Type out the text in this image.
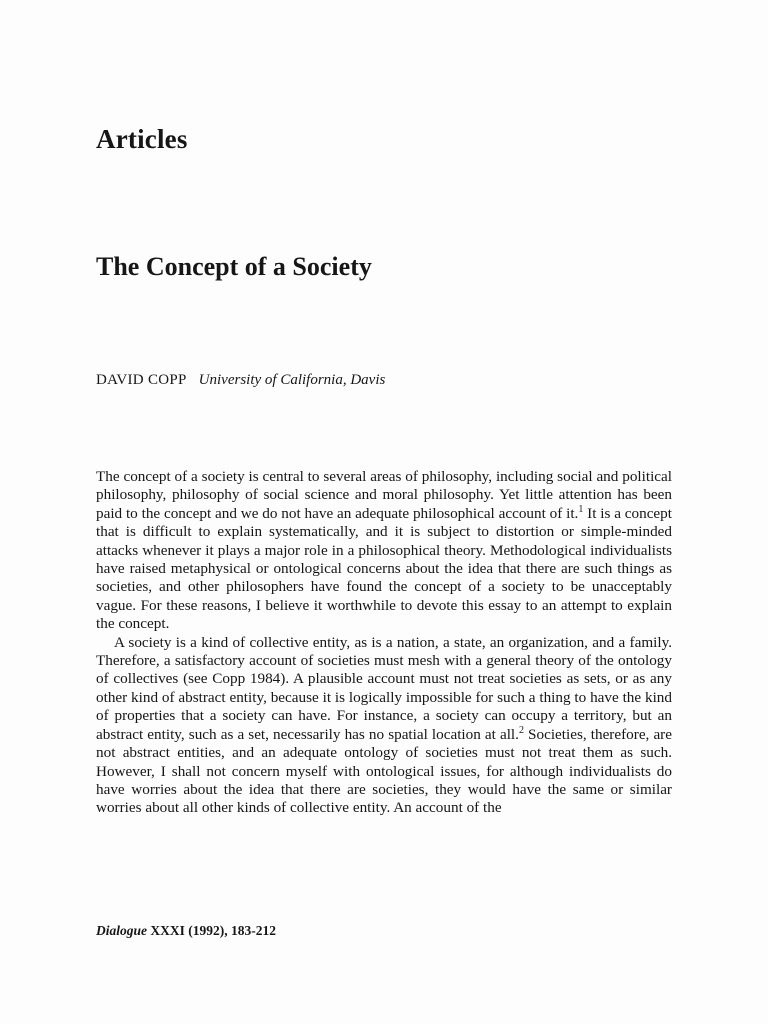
Articles
The Concept of a Society
DAVID COPP University of California, Davis

The concept of a society is central to several areas of philosophy, including social and political philosophy, philosophy of social science and moral philosophy. Yet little attention has been paid to the concept and we do not have an adequate philosophical account of it.$^1$ It is a concept that is difficult to explain systematically, and it is subject to distortion or simple-minded attacks whenever it plays a major role in a philosophical theory. Methodological individualists have raised metaphysical or ontological concerns about the idea that there are such things as societies, and other philosophers have found the concept of a society to be unacceptably vague. For these reasons, I believe it worthwhile to devote this essay to an attempt to explain the concept.

A society is a kind of collective entity, as is a nation, a state, an organization, and a family. Therefore, a satisfactory account of societies must mesh with a general theory of the ontology of collectives (see Copp 1984). A plausible account must not treat societies as sets, or as any other kind of abstract entity, because it is logically impossible for such a thing to have the kind of properties that a society can have. For instance, a society can occupy a territory, but an abstract entity, such as a set, necessarily has no spatial location at all.$^2$ Societies, therefore, are not abstract entities, and an adequate ontology of societies must not treat them as such. However, I shall not concern myself with ontological issues, for although individualists do have worries about the idea that there are societies, they would have the same or similar worries about all other kinds of collective entity. An account of the

Dialogue XXXI (1992), 183-212
